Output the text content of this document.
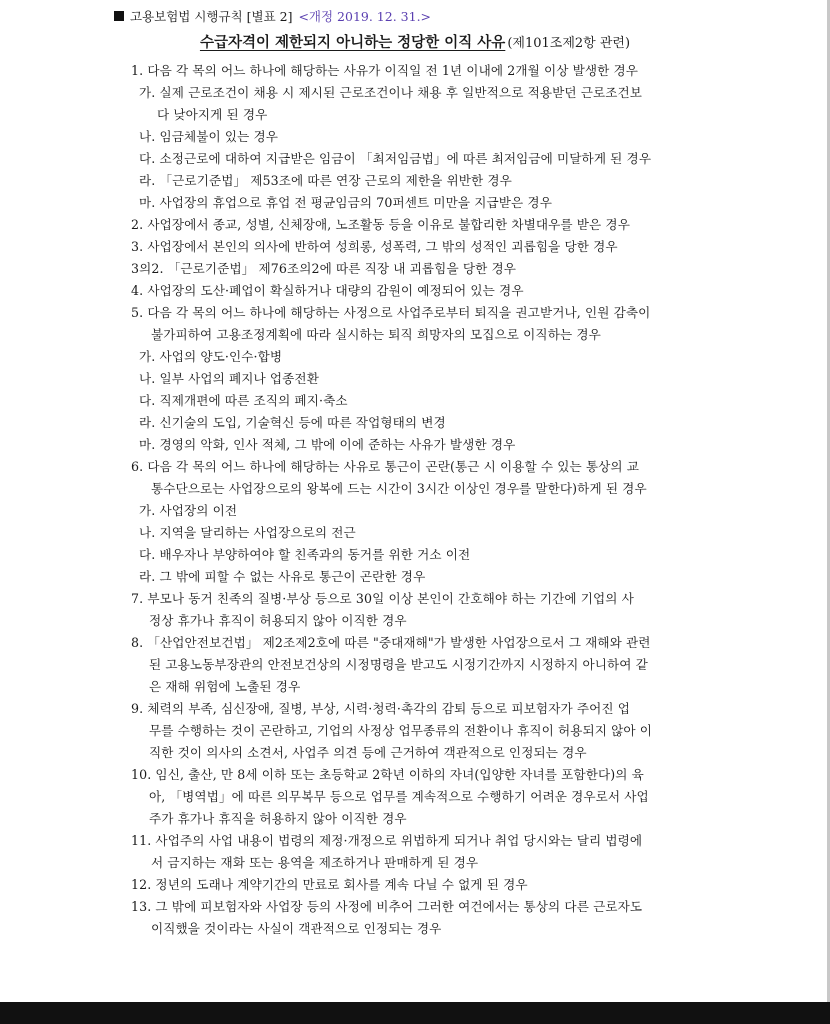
고용보험법 시행규칙 [별표 2] <개정 2019. 12. 31.>
수급자격이 제한되지 아니하는 정당한 이직 사유 (제101조제2항 관련)
1. 다음 각 목의 어느 하나에 해당하는 사유가 이직일 전 1년 이내에 2개월 이상 발생한 경우
가. 실제 근로조건이 채용 시 제시된 근로조건이나 채용 후 일반적으로 적용받던 근로조건보
다 낮아지게 된 경우
나. 임금체불이 있는 경우
다. 소정근로에 대하여 지급받은 임금이 「최저임금법」에 따른 최저임금에 미달하게 된 경우
라. 「근로기준법」 제53조에 따른 연장 근로의 제한을 위반한 경우
마. 사업장의 휴업으로 휴업 전 평균임금의 70퍼센트 미만을 지급받은 경우
2. 사업장에서 종교, 성별, 신체장애, 노조활동 등을 이유로 불합리한 차별대우를 받은 경우
3. 사업장에서 본인의 의사에 반하여 성희롱, 성폭력, 그 밖의 성적인 괴롭힘을 당한 경우
3의2. 「근로기준법」 제76조의2에 따른 직장 내 괴롭힘을 당한 경우
4. 사업장의 도산·폐업이 확실하거나 대량의 감원이 예정되어 있는 경우
5. 다음 각 목의 어느 하나에 해당하는 사정으로 사업주로부터 퇴직을 권고받거나, 인원 감축이
불가피하여 고용조정계획에 따라 실시하는 퇴직 희망자의 모집으로 이직하는 경우
가. 사업의 양도·인수·합병
나. 일부 사업의 폐지나 업종전환
다. 직제개편에 따른 조직의 폐지·축소
라. 신기술의 도입, 기술혁신 등에 따른 작업형태의 변경
마. 경영의 악화, 인사 적체, 그 밖에 이에 준하는 사유가 발생한 경우
6. 다음 각 목의 어느 하나에 해당하는 사유로 통근이 곤란(통근 시 이용할 수 있는 통상의 교
통수단으로는 사업장으로의 왕복에 드는 시간이 3시간 이상인 경우를 말한다)하게 된 경우
가. 사업장의 이전
나. 지역을 달리하는 사업장으로의 전근
다. 배우자나 부양하여야 할 친족과의 동거를 위한 거소 이전
라. 그 밖에 피할 수 없는 사유로 통근이 곤란한 경우
7. 부모나 동거 친족의 질병·부상 등으로 30일 이상 본인이 간호해야 하는 기간에 기업의 사
정상 휴가나 휴직이 허용되지 않아 이직한 경우
8. 「산업안전보건법」 제2조제2호에 따른 "중대재해"가 발생한 사업장으로서 그 재해와 관련
된 고용노동부장관의 안전보건상의 시정명령을 받고도 시정기간까지 시정하지 아니하여 같
은 재해 위험에 노출된 경우
9. 체력의 부족, 심신장애, 질병, 부상, 시력·청력·촉각의 감퇴 등으로 피보험자가 주어진 업
무를 수행하는 것이 곤란하고, 기업의 사정상 업무종류의 전환이나 휴직이 허용되지 않아 이
직한 것이 의사의 소견서, 사업주 의견 등에 근거하여 객관적으로 인정되는 경우
10. 임신, 출산, 만 8세 이하 또는 초등학교 2학년 이하의 자녀(입양한 자녀를 포함한다)의 육
아, 「병역법」에 따른 의무복무 등으로 업무를 계속적으로 수행하기 어려운 경우로서 사업
주가 휴가나 휴직을 허용하지 않아 이직한 경우
11. 사업주의 사업 내용이 법령의 제정·개정으로 위법하게 되거나 취업 당시와는 달리 법령에
서 금지하는 재화 또는 용역을 제조하거나 판매하게 된 경우
12. 정년의 도래나 계약기간의 만료로 회사를 계속 다닐 수 없게 된 경우
13. 그 밖에 피보험자와 사업장 등의 사정에 비추어 그러한 여건에서는 통상의 다른 근로자도
이직했을 것이라는 사실이 객관적으로 인정되는 경우
